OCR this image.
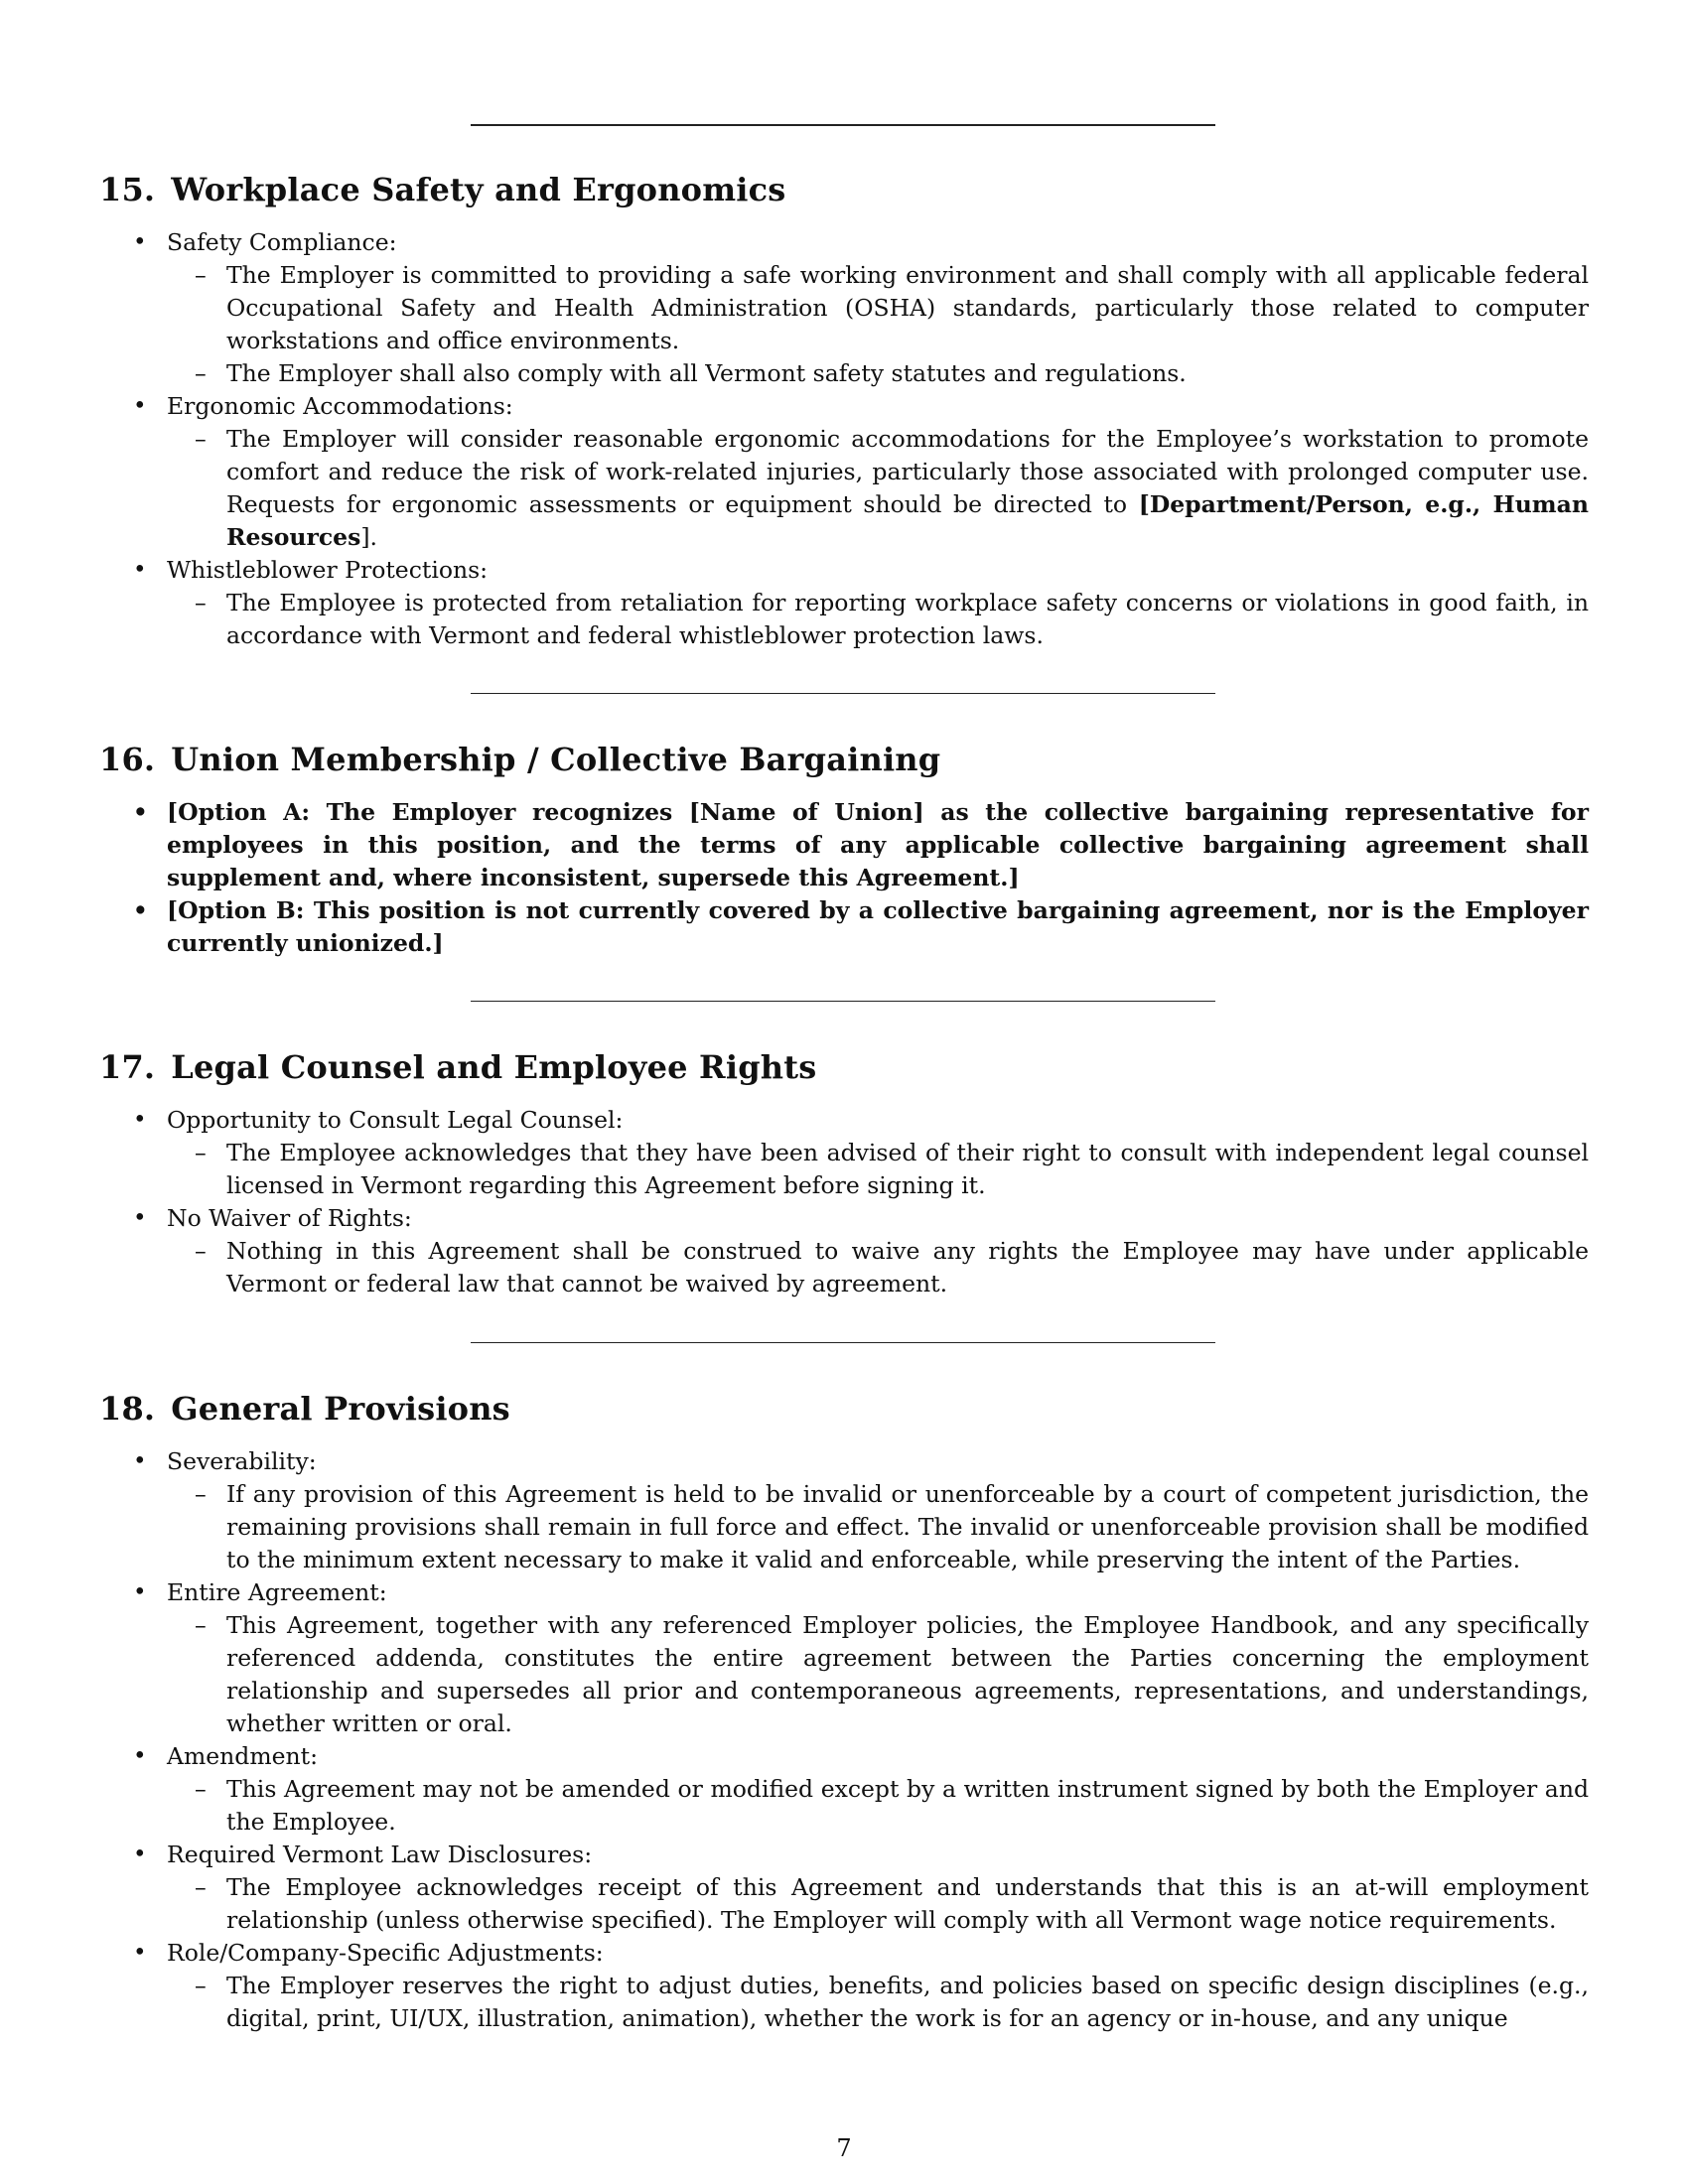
15. Workplace Safety and Ergonomics
• Safety Compliance:
– The Employer is committed to providing a safe working environment and shall comply with all applicable federal Occupational Safety and Health Administration (OSHA) standards, particularly those related to computer workstations and office environments.
– The Employer shall also comply with all Vermont safety statutes and regulations.
• Ergonomic Accommodations:
– The Employer will consider reasonable ergonomic accommodations for the Employee’s workstation to promote comfort and reduce the risk of work-related injuries, particularly those associated with prolonged computer use. Requests for ergonomic assessments or equipment should be directed to [Department/Person, e.g., Human Resources].
• Whistleblower Protections:
– The Employee is protected from retaliation for reporting workplace safety concerns or violations in good faith, in accordance with Vermont and federal whistleblower protection laws.
16. Union Membership / Collective Bargaining
• [Option A: The Employer recognizes [Name of Union] as the collective bargaining representative for employees in this position, and the terms of any applicable collective bargaining agreement shall supplement and, where inconsistent, supersede this Agreement.]
• [Option B: This position is not currently covered by a collective bargaining agreement, nor is the Employer currently unionized.]
17. Legal Counsel and Employee Rights
• Opportunity to Consult Legal Counsel:
– The Employee acknowledges that they have been advised of their right to consult with independent legal counsel licensed in Vermont regarding this Agreement before signing it.
• No Waiver of Rights:
– Nothing in this Agreement shall be construed to waive any rights the Employee may have under applicable Vermont or federal law that cannot be waived by agreement.
18. General Provisions
• Severability:
– If any provision of this Agreement is held to be invalid or unenforceable by a court of competent jurisdiction, the remaining provisions shall remain in full force and effect. The invalid or unenforceable provision shall be modified to the minimum extent necessary to make it valid and enforceable, while preserving the intent of the Parties.
• Entire Agreement:
– This Agreement, together with any referenced Employer policies, the Employee Handbook, and any specifically referenced addenda, constitutes the entire agreement between the Parties concerning the employment relationship and supersedes all prior and contemporaneous agreements, representations, and understandings, whether written or oral.
• Amendment:
– This Agreement may not be amended or modified except by a written instrument signed by both the Employer and the Employee.
• Required Vermont Law Disclosures:
– The Employee acknowledges receipt of this Agreement and understands that this is an at-will employment relationship (unless otherwise specified). The Employer will comply with all Vermont wage notice requirements.
• Role/Company-Specific Adjustments:
– The Employer reserves the right to adjust duties, benefits, and policies based on specific design disciplines (e.g., digital, print, UI/UX, illustration, animation), whether the work is for an agency or in-house, and any unique
7
